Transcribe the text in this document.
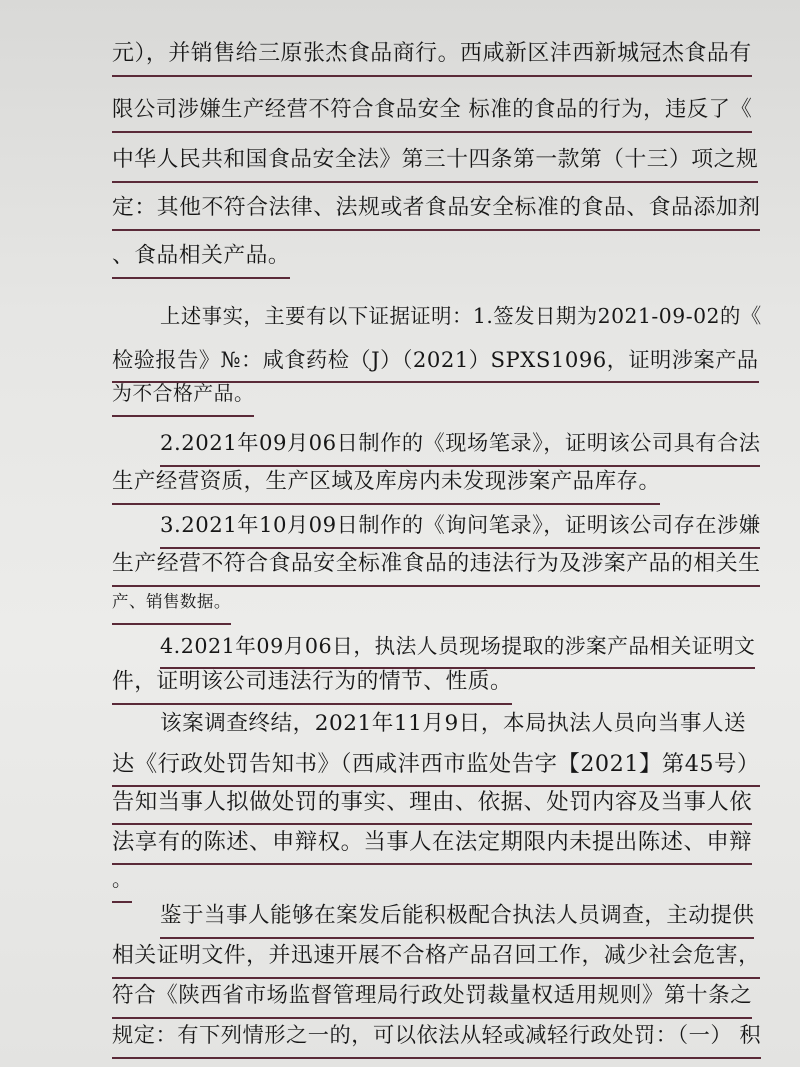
元），并销售给三原张杰食品商行。西咸新区沣西新城冠杰食品有
限公司涉嫌生产经营不符合食品安全 标准的食品的行为，违反了《
中华人民共和国食品安全法》第三十四条第一款第（十三）项之规
定：其他不符合法律、法规或者食品安全标准的食品、食品添加剂
、食品相关产品。
上述事实，主要有以下证据证明：1.签发日期为2021-09-02的《
检验报告》№：咸食药检（J）（2021）SPXS1096，证明涉案产品
为不合格产品。
2.2021年09月06日制作的《现场笔录》，证明该公司具有合法
生产经营资质，生产区域及库房内未发现涉案产品库存。
3.2021年10月09日制作的《询问笔录》，证明该公司存在涉嫌
生产经营不符合食品安全标准食品的违法行为及涉案产品的相关生
产、销售数据。
4.2021年09月06日，执法人员现场提取的涉案产品相关证明文
件，证明该公司违法行为的情节、性质。
该案调查终结，2021年11月9日，本局执法人员向当事人送
达《行政处罚告知书》（西咸沣西市监处告字【2021】第45号）
告知当事人拟做处罚的事实、理由、依据、处罚内容及当事人依
法享有的陈述、申辩权。当事人在法定期限内未提出陈述、申辩
。
鉴于当事人能够在案发后能积极配合执法人员调查，主动提供
相关证明文件，并迅速开展不合格产品召回工作，减少社会危害，
符合《陕西省市场监督管理局行政处罚裁量权适用规则》第十条之
规定：有下列情形之一的，可以依法从轻或减轻行政处罚：（一） 积
